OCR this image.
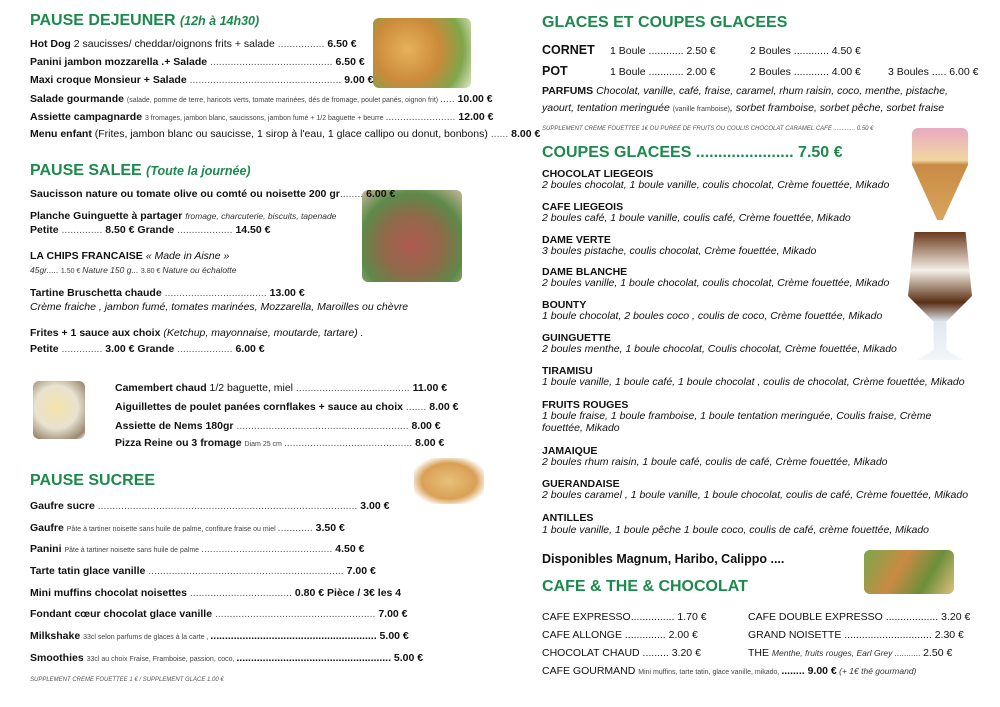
PAUSE DEJEUNER (12h à 14h30)
Hot Dog 2 saucisses/ cheddar/oignons frits + salade ................ 6.50 €
Panini jambon mozzarella .+ Salade .......................................... 6.50 €
Maxi croque Monsieur + Salade .................................................... 9.00 €
Salade gourmande (salade, pomme de terre, haricots verts, tomate marinées, dés de fromage, poulet panés, oignon frit) ..... 10.00 €
Assiette campagnarde 3 fromages, jambon blanc, saucissons, jambon fumé + 1/2 baguette + beurre ........................ 12.00 €
Menu enfant (Frites, jambon blanc ou saucisse, 1 sirop à l'eau, 1 glace callipo ou donut, bonbons) ...... 8.00 €
PAUSE SALEE (Toute la journée)
Saucisson nature ou tomate olive ou comté ou noisette 200 gr........ 6.00 €
Planche Guinguette à partager fromage, charcuterie, biscuits, tapenade
Petite .............. 8.50 € Grande ................... 14.50 €
LA CHIPS FRANCAISE « Made in Aisne »
45gr..... 1.50 € Nature 150 g... 3.80 € Nature ou échalotte
Tartine Bruschetta chaude ................................... 13.00 €
Crème fraiche , jambon fumé, tomates marinées, Mozzarella, Maroilles ou chèvre
Frites + 1 sauce aux choix (Ketchup, mayonnaise, moutarde, tartare) .
Petite .............. 3.00 € Grande ................... 6.00 €
Camembert chaud 1/2 baguette, miel ....................................... 11.00 €
Aiguillettes de poulet panées cornflakes + sauce au choix ....... 8.00 €
Assiette de Nems 180gr ........................................................... 8.00 €
Pizza Reine ou 3 fromage Diam 25 cm ............................................ 8.00 €
PAUSE SUCREE
Gaufre sucre ......................................................................................... 3.00 €
Gaufre Pâte à tartiner noisette sans huile de palme, confiture fraise ou miel ............ 3.50 €
Panini Pâte à tartiner noisette sans huile de palme ............................................. 4.50 €
Tarte tatin glace vanille ................................................................... 7.00 €
Mini muffins chocolat noisettes ................................... 0.80 € Pièce / 3€ les 4
Fondant cœur chocolat glace vanille ....................................................... 7.00 €
Milkshake 33cl selon parfums de glaces à la carte , ......................................................... 5.00 €
Smoothies 33cl au choix Fraise, Framboise, passion, coco, ..................................................... 5.00 €
SUPPLEMENT CREME FOUETTEE 1 € / SUPPLEMENT GLACE 1.00 €
GLACES ET COUPES GLACEES
CORNET 1 Boule ............ 2.50 €	2 Boules ............ 4.50 €
POT	1 Boule ............ 2.00 €	2 Boules ............ 4.00 €	3 Boules ..... 6.00 €
PARFUMS Chocolat, vanille, café, fraise, caramel, rhum raisin, coco, menthe, pistache,
yaourt, tentation meringuée (vanille framboise), sorbet framboise, sorbet pêche, sorbet fraise
SUPPLEMENT CREME FOUETTEE 1€ OU PUREE DE FRUITS OU COULIS CHOCOLAT CARAMEL CAFE ............. 0.50 €
COUPES GLACEES ...................... 7.50 €
CHOCOLAT LIEGEOIS
2 boules chocolat, 1 boule vanille, coulis chocolat, Crème fouettée, Mikado
CAFE LIEGEOIS
2 boules café, 1 boule vanille, coulis café, Crème fouettée, Mikado
DAME VERTE
3 boules pistache, coulis chocolat, Crème fouettée, Mikado
DAME BLANCHE
2 boules vanille, 1 boule chocolat, coulis chocolat, Crème fouettée, Mikado
BOUNTY
1 boule chocolat, 2 boules coco , coulis de coco, Crème fouettée, Mikado
GUINGUETTE
2 boules menthe, 1 boule chocolat, Coulis chocolat, Crème fouettée, Mikado
TIRAMISU
1 boule vanille, 1 boule café, 1 boule chocolat , coulis de chocolat, Crème fouettée, Mikado
FRUITS ROUGES
1 boule fraise, 1 boule framboise, 1 boule tentation meringuée, Coulis fraise, Crème
fouettée, Mikado
JAMAIQUE
2 boules rhum raisin, 1 boule café, coulis de café, Crème fouettée, Mikado
GUERANDAISE
2 boules caramel , 1 boule vanille, 1 boule chocolat, coulis de café, Crème fouettée, Mikado
ANTILLES
1 boule vanille, 1 boule pêche 1 boule coco, coulis de café, crème fouettée, Mikado
Disponibles Magnum, Haribo, Calippo ....
CAFE & THE & CHOCOLAT
CAFE EXPRESSO............... 1.70 €	CAFE DOUBLE EXPRESSO .................. 3.20 €
CAFE ALLONGE .............. 2.00 €	GRAND NOISETTE .............................. 2.30 €
CHOCOLAT CHAUD ......... 3.20 €	THE Menthe, fruits rouges, Earl Grey ........... 2.50 €
CAFE GOURMAND Mini muffins, tarte tatin, glace vanille, mikado, ........ 9.00 € (+ 1€ thé gourmand)
